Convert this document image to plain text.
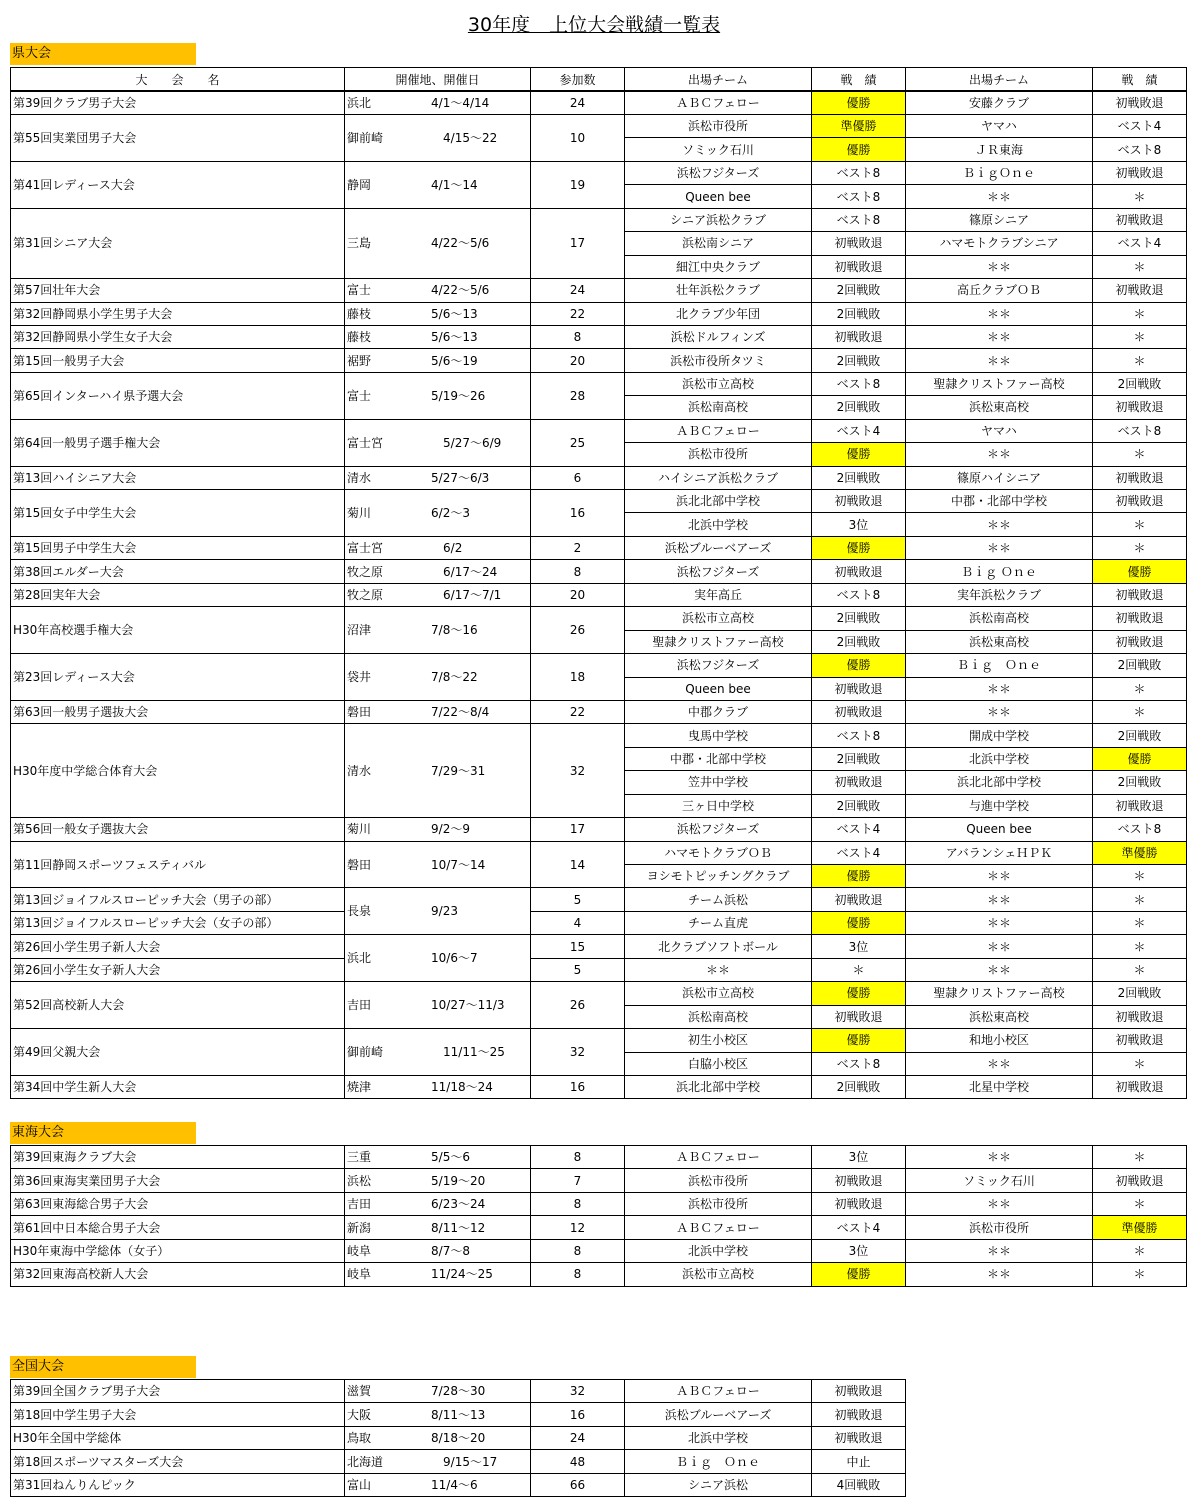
30年度　上位大会戦績一覧表
大　　会　　名	開催地、開催日	参加数	出場チーム	戦　績	出場チーム	戦　績
第39回クラブ男子大会	浜北 4/1～4/14	24	ＡＢＣフェロー	優勝	安藤クラブ	初戦敗退
第55回実業団男子大会	御前崎 4/15～22	10	浜松市役所	準優勝	ヤマハ	ベスト4
			ソミック石川	優勝	ＪＲ東海	ベスト8
第41回レディース大会	静岡 4/1～14	19	浜松フジターズ	ベスト8	ＢｉｇＯｎｅ	初戦敗退
			Queen bee	ベスト8	＊＊	＊
第31回シニア大会	三島 4/22～5/6	17	シニア浜松クラブ	ベスト8	篠原シニア	初戦敗退
			浜松南シニア	初戦敗退	ハマモトクラブシニア	ベスト4
			細江中央クラブ	初戦敗退	＊＊	＊
第57回壮年大会	富士 4/22～5/6	24	壮年浜松クラブ	2回戦敗	高丘クラブＯＢ	初戦敗退
第32回静岡県小学生男子大会	藤枝 5/6～13	22	北クラブ少年団	2回戦敗	＊＊	＊
第32回静岡県小学生女子大会	藤枝 5/6～13	8	浜松ドルフィンズ	初戦敗退	＊＊	＊
第15回一般男子大会	裾野 5/6～19	20	浜松市役所タツミ	2回戦敗	＊＊	＊
第65回インターハイ県予選大会	富士 5/19～26	28	浜松市立高校	ベスト8	聖隷クリストファー高校	2回戦敗
			浜松南高校	2回戦敗	浜松東高校	初戦敗退
第64回一般男子選手権大会	富士宮 5/27～6/9	25	ＡＢＣフェロー	ベスト4	ヤマハ	ベスト8
			浜松市役所	優勝	＊＊	＊
第13回ハイシニア大会	清水 5/27～6/3	6	ハイシニア浜松クラブ	2回戦敗	篠原ハイシニア	初戦敗退
第15回女子中学生大会	菊川 6/2～3	16	浜北北部中学校	初戦敗退	中郡・北部中学校	初戦敗退
			北浜中学校	3位	＊＊	＊
第15回男子中学生大会	富士宮 6/2	2	浜松ブルーベアーズ	優勝	＊＊	＊
第38回エルダー大会	牧之原 6/17～24	8	浜松フジターズ	初戦敗退	Ｂｉｇ Ｏｎｅ	優勝
第28回実年大会	牧之原 6/17～7/1	20	実年高丘	ベスト8	実年浜松クラブ	初戦敗退
H30年高校選手権大会	沼津 7/8～16	26	浜松市立高校	2回戦敗	浜松南高校	初戦敗退
			聖隷クリストファー高校	2回戦敗	浜松東高校	初戦敗退
第23回レディース大会	袋井 7/8～22	18	浜松フジターズ	優勝	Ｂｉｇ　Ｏｎｅ	2回戦敗
			Queen bee	初戦敗退	＊＊	＊
第63回一般男子選抜大会	磐田 7/22～8/4	22	中郡クラブ	初戦敗退	＊＊	＊
H30年度中学総合体育大会	清水 7/29～31	32	曳馬中学校	ベスト8	開成中学校	2回戦敗
			中郡・北部中学校	2回戦敗	北浜中学校	優勝
			笠井中学校	初戦敗退	浜北北部中学校	2回戦敗
			三ヶ日中学校	2回戦敗	与進中学校	初戦敗退
第56回一般女子選抜大会	菊川 9/2～9	17	浜松フジターズ	ベスト4	Queen bee	ベスト8
第11回静岡スポーツフェスティバル	磐田 10/7～14	14	ハマモトクラブＯＢ	ベスト4	アバランシェＨＰＫ	準優勝
			ヨシモトピッチングクラブ	優勝	＊＊	＊
第13回ジョイフルスローピッチ大会（男子の部）	長泉 9/23	5	チーム浜松	初戦敗退	＊＊	＊
第13回ジョイフルスローピッチ大会（女子の部）		4	チーム直虎	優勝	＊＊	＊
第26回小学生男子新人大会	浜北 10/6～7	15	北クラブソフトボール	3位	＊＊	＊
第26回小学生女子新人大会		5	＊＊	＊	＊＊	＊
第52回高校新人大会	吉田 10/27～11/3	26	浜松市立高校	優勝	聖隷クリストファー高校	2回戦敗
			浜松南高校	初戦敗退	浜松東高校	初戦敗退
第49回父親大会	御前崎 11/11～25	32	初生小校区	優勝	和地小校区	初戦敗退
			白脇小校区	ベスト8	＊＊	＊
第34回中学生新人大会	焼津 11/18～24	16	浜北北部中学校	2回戦敗	北星中学校	初戦敗退
第39回東海クラブ大会	三重 5/5～6	8	ＡＢＣフェロー	3位	＊＊	＊
第36回東海実業団男子大会	浜松 5/19～20	7	浜松市役所	初戦敗退	ソミック石川	初戦敗退
第63回東海総合男子大会	吉田 6/23～24	8	浜松市役所	初戦敗退	＊＊	＊
第61回中日本総合男子大会	新潟 8/11～12	12	ＡＢＣフェロー	ベスト4	浜松市役所	準優勝
H30年東海中学総体（女子）	岐阜 8/7～8	8	北浜中学校	3位	＊＊	＊
第32回東海高校新人大会	岐阜 11/24～25	8	浜松市立高校	優勝	＊＊	＊
第39回全国クラブ男子大会	滋賀 7/28～30	32	ＡＢＣフェロー	初戦敗退
第18回中学生男子大会	大阪 8/11～13	16	浜松ブルーベアーズ	初戦敗退
H30年全国中学総体	鳥取 8/18～20	24	北浜中学校	初戦敗退
第18回スポーツマスターズ大会	北海道 9/15～17	48	Ｂｉｇ　Ｏｎｅ	中止
第31回ねんりんピック	富山 11/4～6	66	シニア浜松	4回戦敗
県大会
東海大会
全国大会
